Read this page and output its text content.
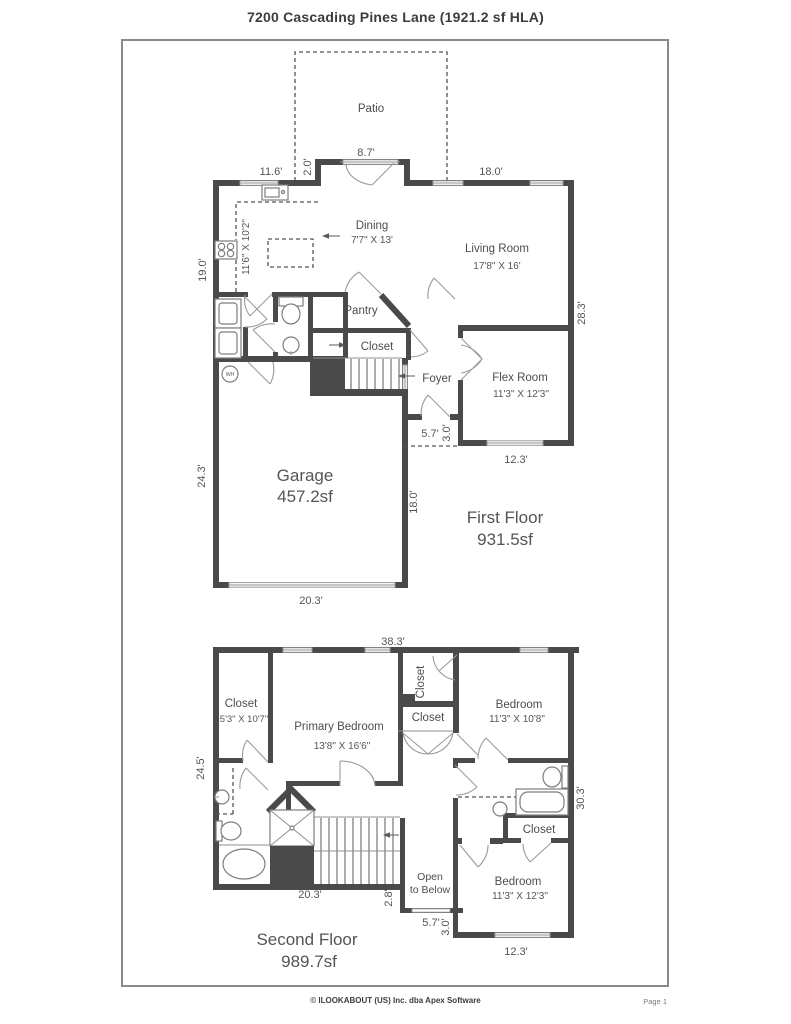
7200 Cascading Pines Lane (1921.2 sf HLA)
WH
Patio
Dining
7'7" X 13'
Living Room
17'8" X 16'
11'6" X 10'2"
Pantry
Closet
Foyer	Flex Room
11'3" X 12'3"
Garage
457.2sf
First Floor
931.5sf
11.6' 2.0'
8.7'
18.0'
19.0'
24.3'
28.3'
5.7' 3.0'
12.3'
18.0'
20.3'
Closet
5'3" X 10'7"
Primary Bedroom
13'8" X 16'6"
Closet
Closet
Bedroom
11'3" X 10'8"
Closet
Bedroom
11'3" X 12'3"
Open
to Below
Second Floor
989.7sf
38.3'
24.5'
30.3'
20.3'	2.8'
5.7' 3.0'
12.3'
© ILOOKABOUT (US) Inc. dba Apex Software	Page 1
